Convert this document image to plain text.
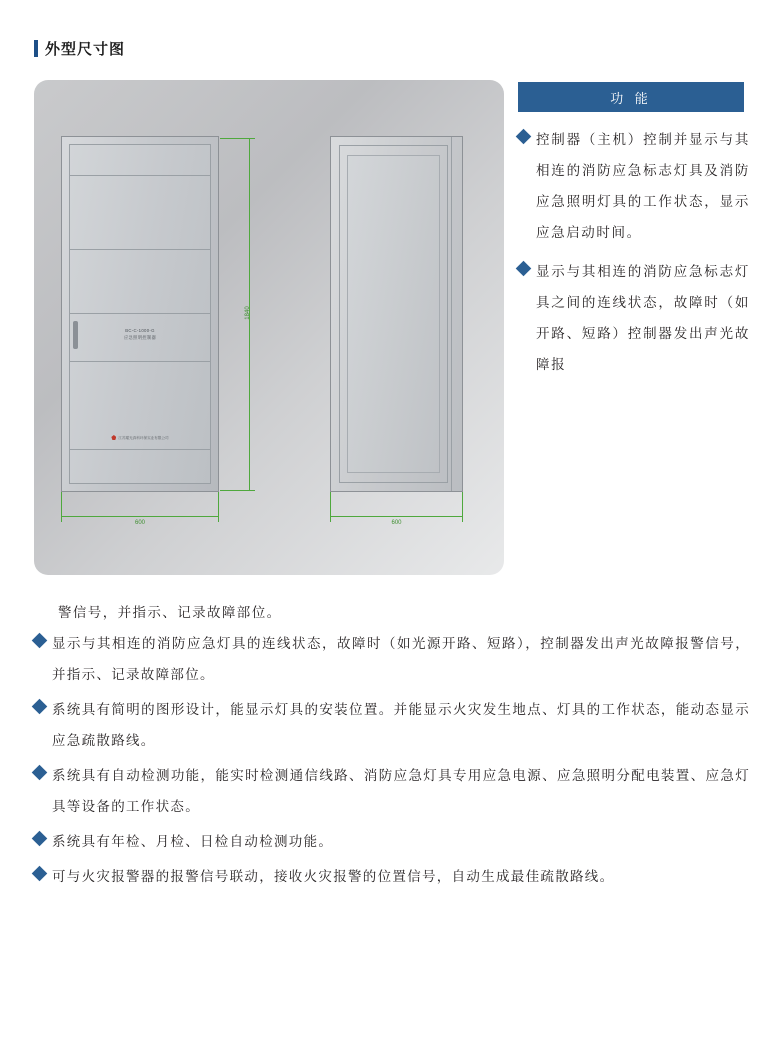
外型尺寸图
BC-C-1000-G
应急照明控制器
江苏耀光真科环保实业有限公司
1840
600	600
功 能
控制器（主机）控制并显示与其相连的消防应急标志灯具及消防应急照明灯具的工作状态，显示应急启动时间。
显示与其相连的消防应急标志灯具之间的连线状态，故障时（如开路、短路）控制器发出声光故障报
警信号，并指示、记录故障部位。
显示与其相连的消防应急灯具的连线状态，故障时（如光源开路、短路），控制器发出声光故障报警信号，并指示、记录故障部位。
系统具有简明的图形设计，能显示灯具的安装位置。并能显示火灾发生地点、灯具的工作状态，能动态显示应急疏散路线。
系统具有自动检测功能，能实时检测通信线路、消防应急灯具专用应急电源、应急照明分配电装置、应急灯具等设备的工作状态。
系统具有年检、月检、日检自动检测功能。
可与火灾报警器的报警信号联动，接收火灾报警的位置信号，自动生成最佳疏散路线。
